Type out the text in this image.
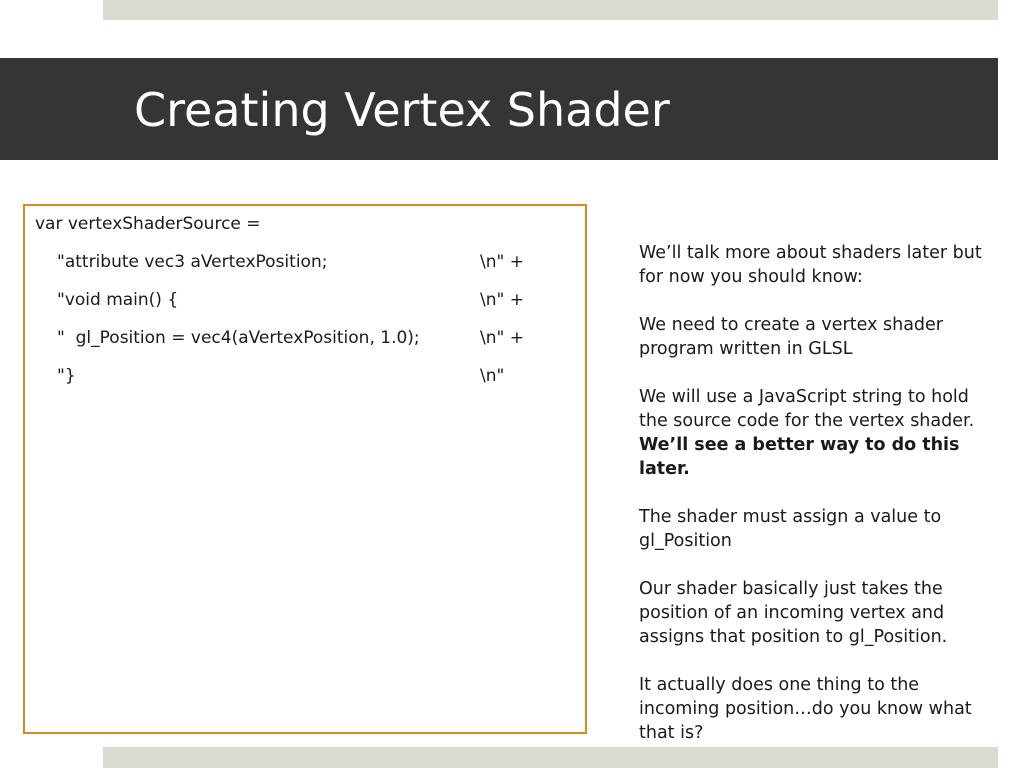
Creating Vertex Shader
var vertexShaderSource =
"attribute vec3 aVertexPosition;	\n" +
"void main() {	\n" +
"  gl_Position = vec4(aVertexPosition, 1.0);	\n" +
"}	\n"

We’ll talk more about shaders later but for now you should know:

We need to create a vertex shader program written in GLSL

We will use a JavaScript string to hold the source code for the vertex shader.  We’ll see a better way to do this later.

The shader must assign a value to gl_Position

Our shader basically just takes the position of an incoming vertex and assigns that position to gl_Position.

It actually does one thing to the incoming position…do you know what that is?
